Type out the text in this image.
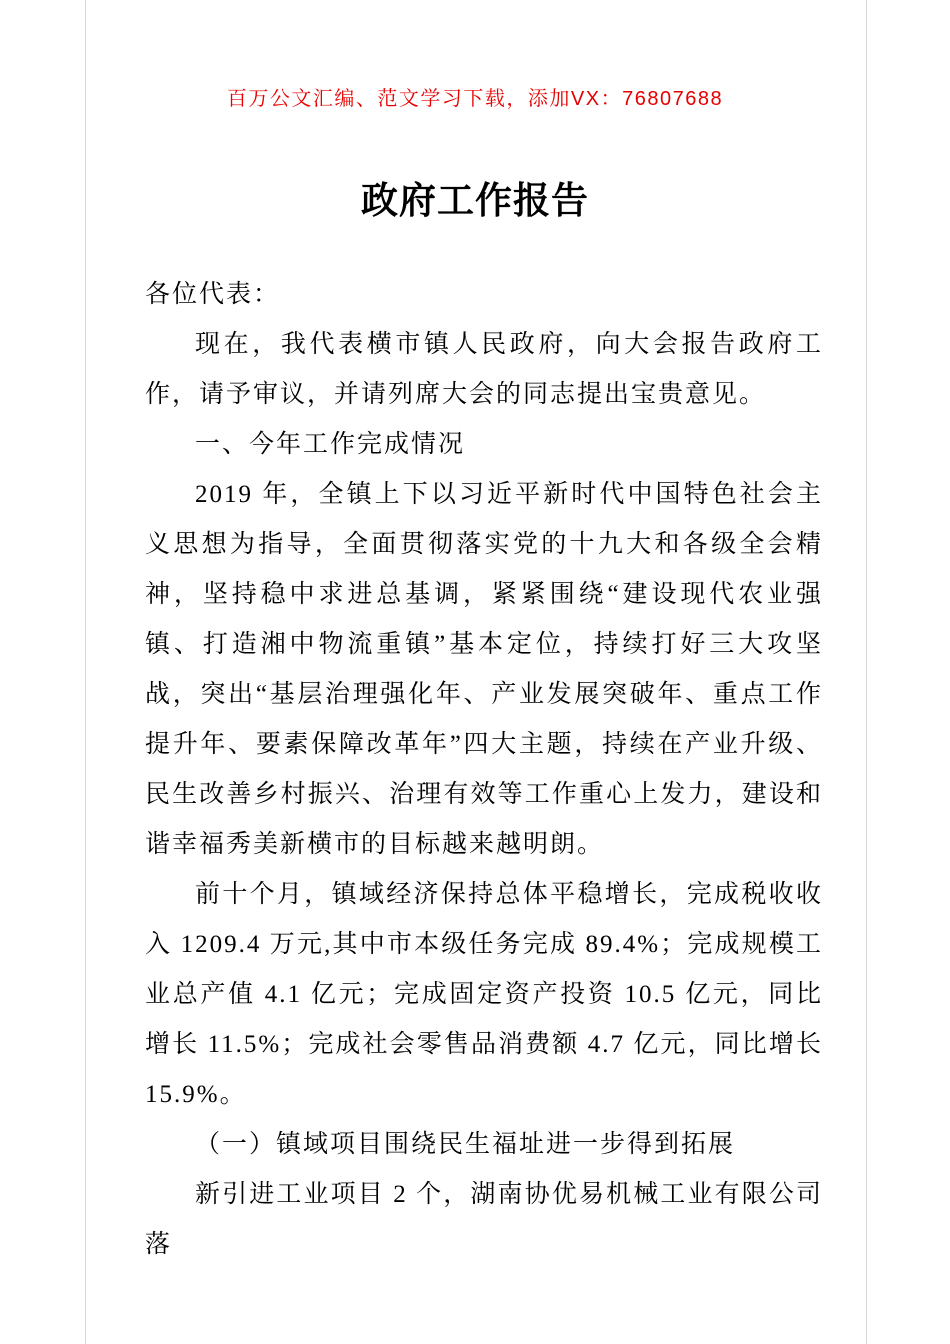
百万公文汇编、范文学习下载，添加VX：76807688
政府工作报告

各位代表：

现在，我代表横市镇人民政府，向大会报告政府工作，请予审议，并请列席大会的同志提出宝贵意见。

一、今年工作完成情况

2019 年，全镇上下以习近平新时代中国特色社会主义思想为指导，全面贯彻落实党的十九大和各级全会精神，坚持稳中求进总基调，紧紧围绕“建设现代农业强镇、打造湘中物流重镇”基本定位，持续打好三大攻坚战，突出“基层治理强化年、产业发展突破年、重点工作提升年、要素保障改革年”四大主题，持续在产业升级、民生改善乡村振兴、治理有效等工作重心上发力，建设和谐幸福秀美新横市的目标越来越明朗。

前十个月，镇域经济保持总体平稳增长，完成税收收入 1209.4 万元,其中市本级任务完成 89.4%；完成规模工业总产值 4.1 亿元；完成固定资产投资 10.5 亿元，同比增长 11.5%；完成社会零售品消费额 4.7 亿元，同比增长 15.9%。

（一）镇域项目围绕民生福址进一步得到拓展

新引进工业项目 2 个，湖南协优易机械工业有限公司落
